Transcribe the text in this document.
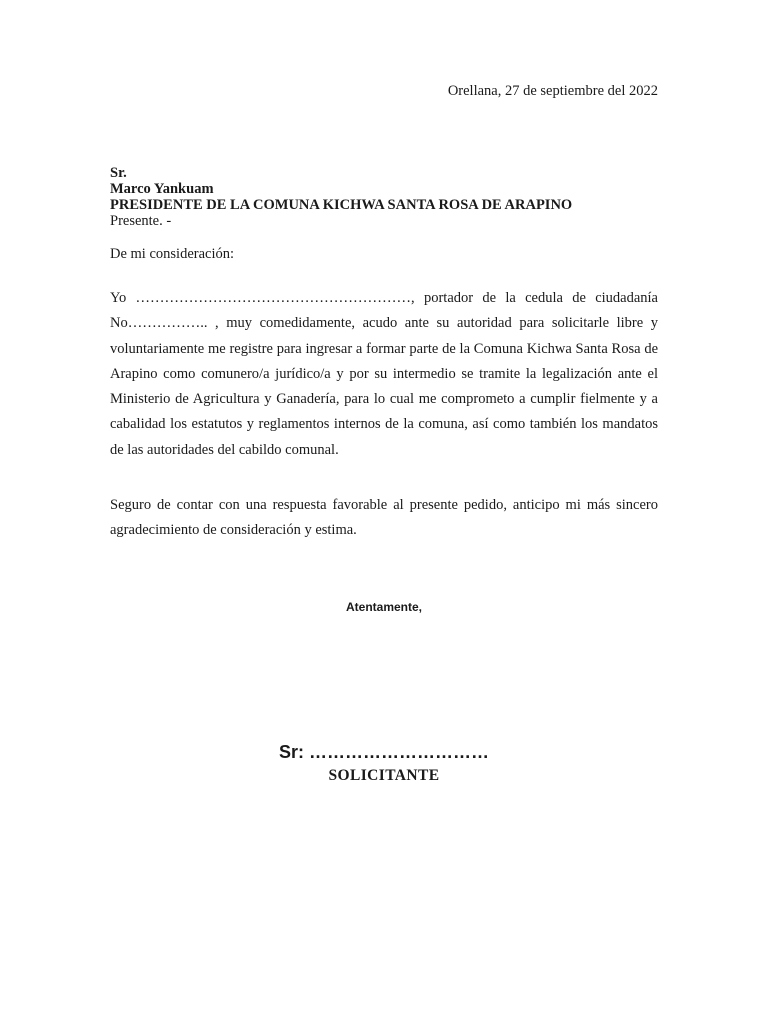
Orellana, 27 de septiembre del 2022
Sr.
Marco Yankuam
PRESIDENTE DE LA COMUNA KICHWA SANTA ROSA DE ARAPINO
Presente. -
De mi consideración:
Yo …………………………………………………, portador de la cedula de ciudadanía No…………….. , muy comedidamente, acudo ante su autoridad para solicitarle libre y voluntariamente me registre para ingresar a formar parte de la Comuna Kichwa Santa Rosa de Arapino como comunero/a jurídico/a y por su intermedio se tramite la legalización ante el Ministerio de Agricultura y Ganadería, para lo cual me comprometo a cumplir fielmente y a cabalidad los estatutos y reglamentos internos de la comuna, así como también los mandatos de las autoridades del cabildo comunal.
Seguro de contar con una respuesta favorable al presente pedido, anticipo mi más sincero agradecimiento de consideración y estima.
Atentamente,
Sr: …………………………
SOLICITANTE
